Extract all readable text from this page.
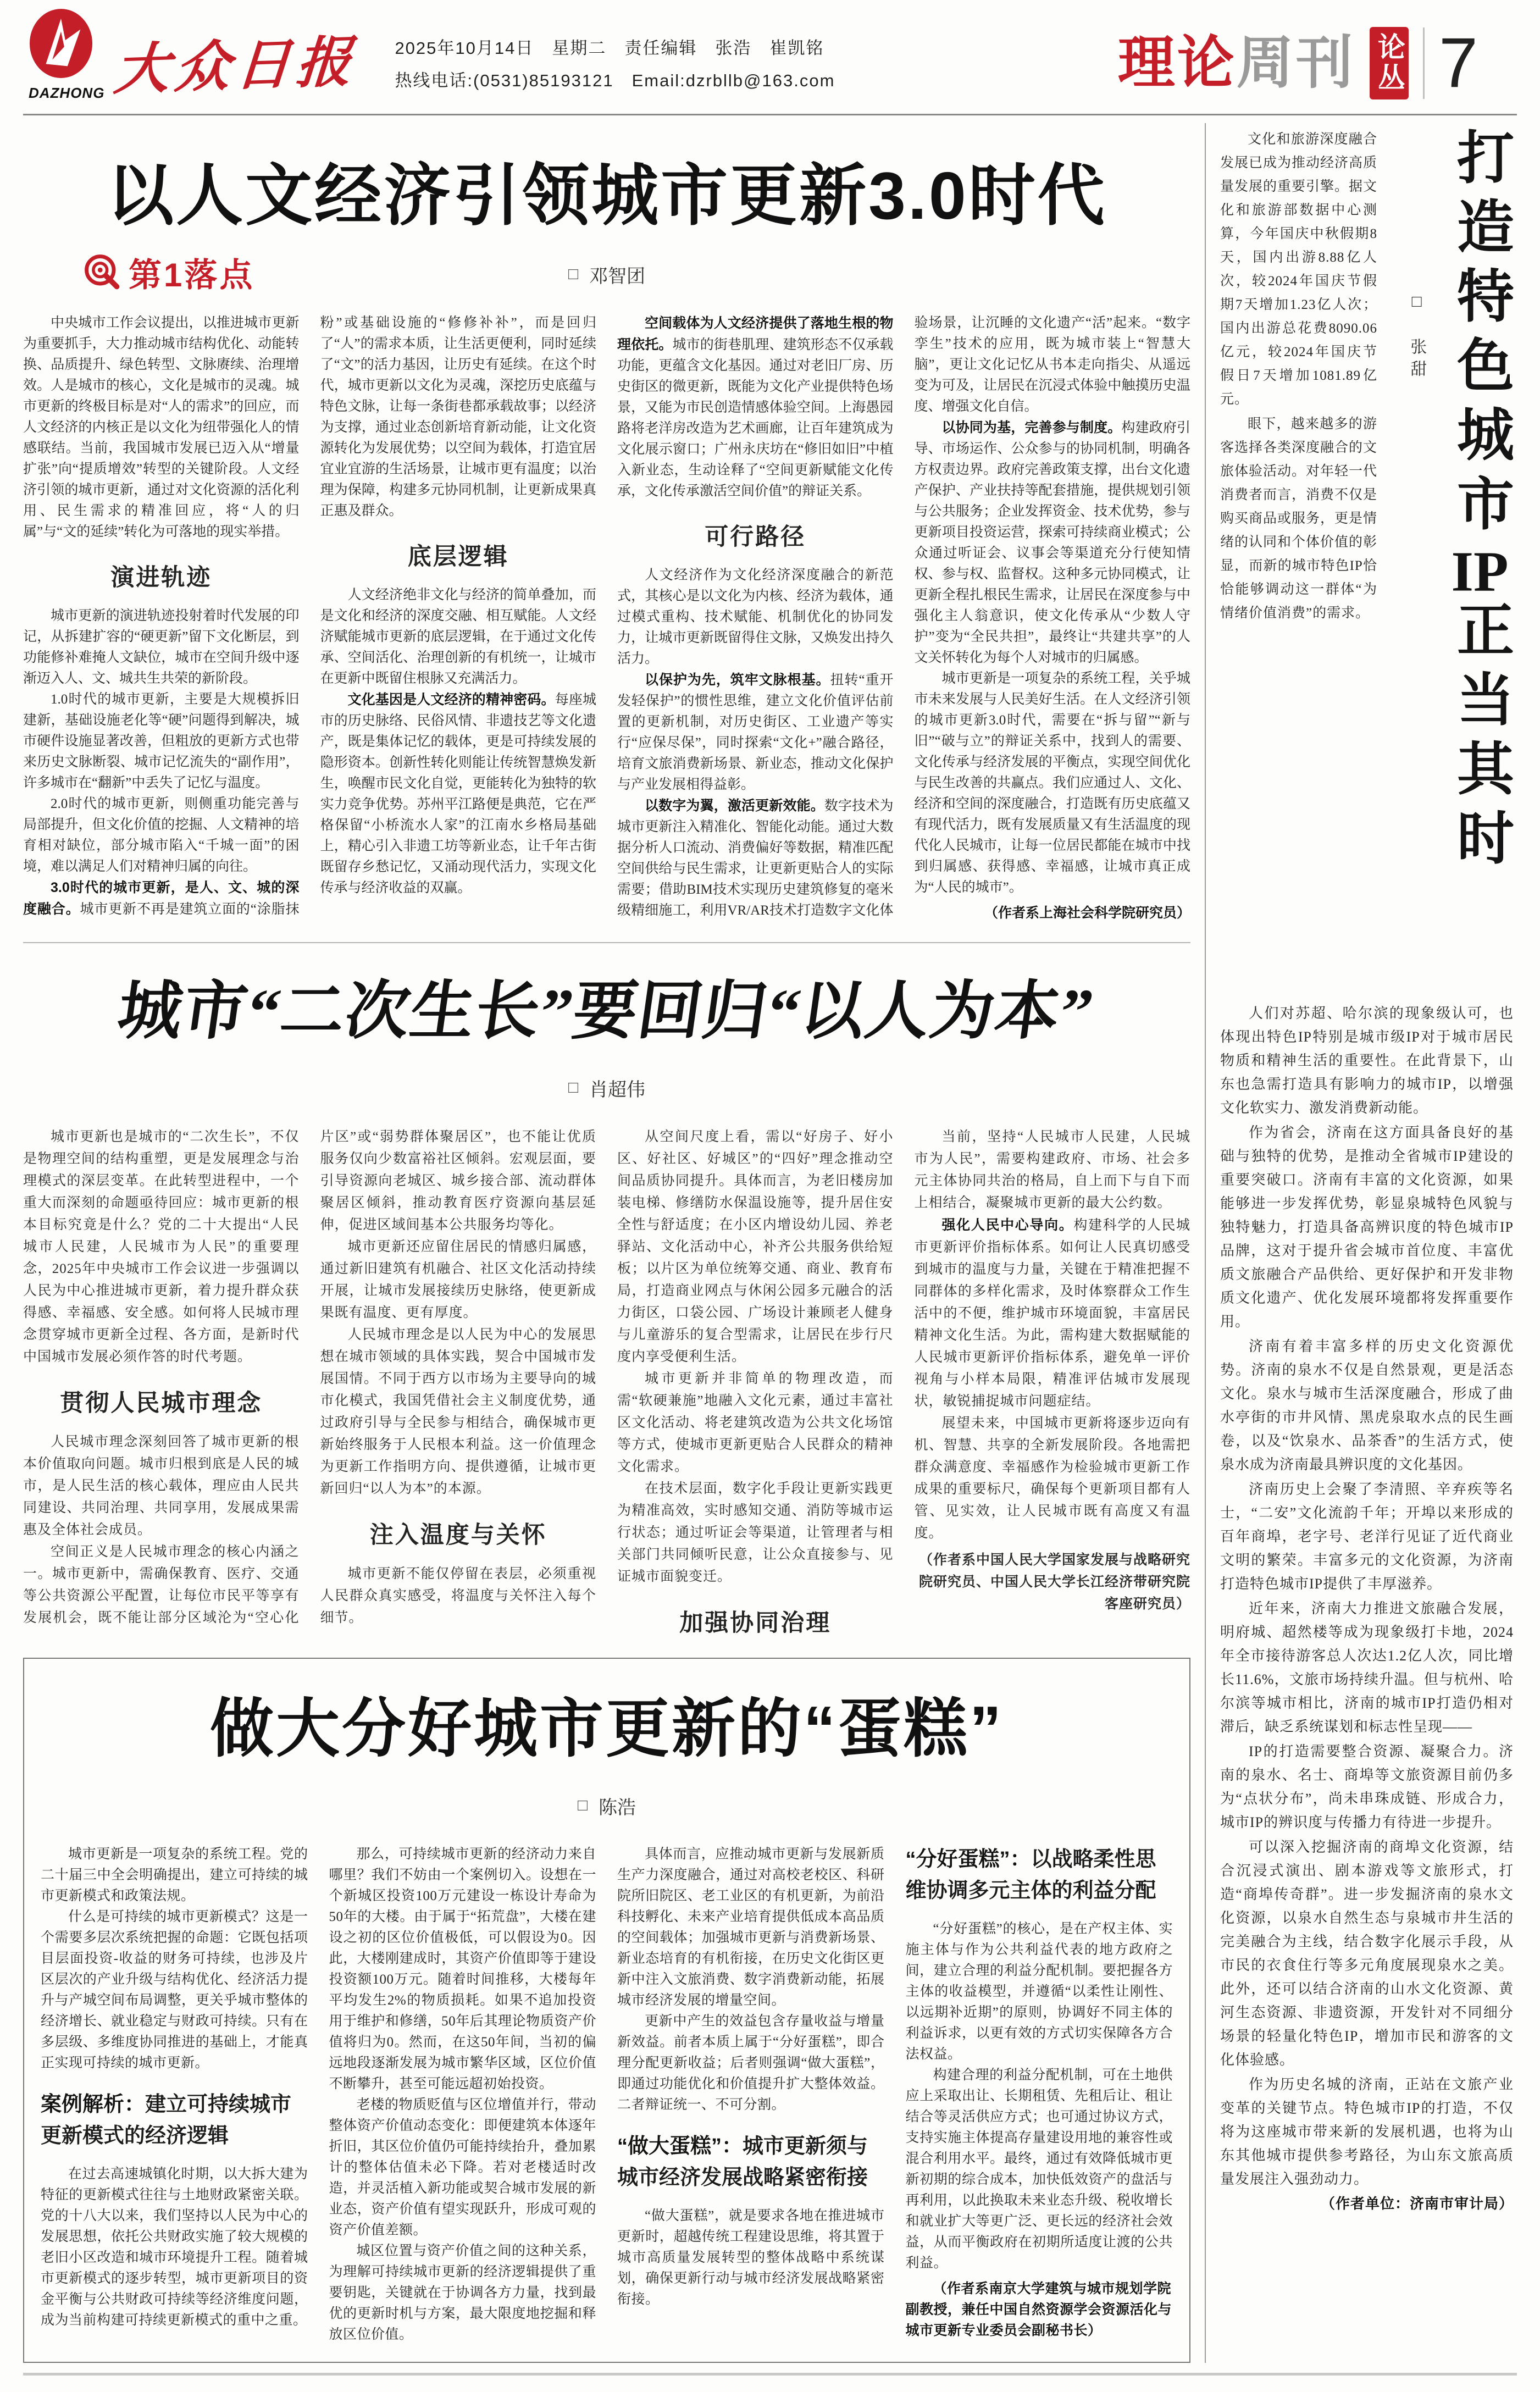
DAZHONG 大众日报 2025年10月14日　星期二　责任编辑　张浩　崔凯铭
热线电话:(0531)85193121　Email:dzrbllb@163.com	理论周刊 论丛 7
以人文经济引领城市更新3.0时代
第1落点	□ 邓智团

中央城市工作会议提出，以推进城市更新为重要抓手，大力推动城市结构优化、动能转换、品质提升、绿色转型、文脉赓续、治理增效。人是城市的核心，文化是城市的灵魂。城市更新的终极目标是对“人的需求”的回应，而人文经济的内核正是以文化为纽带强化人的情感联结。当前，我国城市发展已迈入从“增量扩张”向“提质增效”转型的关键阶段。人文经济引领的城市更新，通过对文化资源的活化利用、民生需求的精准回应，将“人的归属”与“文的延续”转化为可落地的现实举措。

演进轨迹

城市更新的演进轨迹投射着时代发展的印记，从拆建扩容的“硬更新”留下文化断层，到功能修补难掩人文缺位，城市在空间升级中逐渐迈入人、文、城共生共荣的新阶段。

1.0时代的城市更新，主要是大规模拆旧建新，基础设施老化等“硬”问题得到解决，城市硬件设施显著改善，但粗放的更新方式也带来历史文脉断裂、城市记忆流失的“副作用”，许多城市在“翻新”中丢失了记忆与温度。

2.0时代的城市更新，则侧重功能完善与局部提升，但文化价值的挖掘、人文精神的培育相对缺位，部分城市陷入“千城一面”的困境，难以满足人们对精神归属的向往。

3.0时代的城市更新，是人、文、城的深度融合。城市更新不再是建筑立面的“涂脂抹粉”或基础设施的“修修补补”，而是回归了“人”的需求本质，让生活更便利，同时延续了“文”的活力基因，让历史有延续。在这个时代，城市更新以文化为灵魂，深挖历史底蕴与特色文脉，让每一条街巷都承载故事；以经济为支撑，通过业态创新培育新动能，让文化资源转化为发展优势；以空间为载体，打造宜居宜业宜游的生活场景，让城市更有温度；以治理为保障，构建多元协同机制，让更新成果真正惠及群众。

底层逻辑

人文经济绝非文化与经济的简单叠加，而是文化和经济的深度交融、相互赋能。人文经济赋能城市更新的底层逻辑，在于通过文化传承、空间活化、治理创新的有机统一，让城市在更新中既留住根脉又充满活力。

文化基因是人文经济的精神密码。每座城市的历史脉络、民俗风情、非遗技艺等文化遗产，既是集体记忆的载体，更是可持续发展的隐形资本。创新性转化则能让传统智慧焕发新生，唤醒市民文化自觉，更能转化为独特的软实力竞争优势。苏州平江路便是典范，它在严格保留“小桥流水人家”的江南水乡格局基础上，精心引入非遗工坊等新业态，让千年古街既留存乡愁记忆，又涌动现代活力，实现文化传承与经济收益的双赢。

空间载体为人文经济提供了落地生根的物理依托。城市的街巷肌理、建筑形态不仅承载功能，更蕴含文化基因。通过对老旧厂房、历史街区的微更新，既能为文化产业提供特色场景，又能为市民创造情感体验空间。上海愚园路将老洋房改造为艺术画廊，让百年建筑成为文化展示窗口；广州永庆坊在“修旧如旧”中植入新业态，生动诠释了“空间更新赋能文化传承，文化传承激活空间价值”的辩证关系。

可行路径

人文经济作为文化经济深度融合的新范式，其核心是以文化为内核、经济为载体，通过模式重构、技术赋能、机制优化的协同发力，让城市更新既留得住文脉，又焕发出持久活力。

以保护为先，筑牢文脉根基。扭转“重开发轻保护”的惯性思维，建立文化价值评估前置的更新机制，对历史街区、工业遗产等实行“应保尽保”，同时探索“文化+”融合路径，培育文旅消费新场景、新业态，推动文化保护与产业发展相得益彰。

以数字为翼，激活更新效能。数字技术为城市更新注入精准化、智能化动能。通过大数据分析人口流动、消费偏好等数据，精准匹配空间供给与民生需求，让更新更贴合人的实际需要；借助BIM技术实现历史建筑修复的毫米级精细施工，利用VR/AR技术打造数字文化体验场景，让沉睡的文化遗产“活”起来。“数字孪生”技术的应用，既为城市装上“智慧大脑”，更让文化记忆从书本走向指尖、从遥远变为可及，让居民在沉浸式体验中触摸历史温度、增强文化自信。

以协同为基，完善参与制度。构建政府引导、市场运作、公众参与的协同机制，明确各方权责边界。政府完善政策支撑，出台文化遗产保护、产业扶持等配套措施，提供规划引领与公共服务；企业发挥资金、技术优势，参与更新项目投资运营，探索可持续商业模式；公众通过听证会、议事会等渠道充分行使知情权、参与权、监督权。这种多元协同模式，让更新全程扎根民生需求，让居民在深度参与中强化主人翁意识，使文化传承从“少数人守护”变为“全民共担”，最终让“共建共享”的人文关怀转化为每个人对城市的归属感。

城市更新是一项复杂的系统工程，关乎城市未来发展与人民美好生活。在人文经济引领的城市更新3.0时代，需要在“拆与留”“新与旧”“破与立”的辩证关系中，找到人的需要、文化传承与经济发展的平衡点，实现空间优化与民生改善的共赢点。我们应通过人、文化、经济和空间的深度融合，打造既有历史底蕴又有现代活力，既有发展质量又有生活温度的现代化人民城市，让每一位居民都能在城市中找到归属感、获得感、幸福感，让城市真正成为“人民的城市”。

（作者系上海社会科学院研究员）

城市“二次生长”要回归“以人为本”
□ 肖超伟

城市更新也是城市的“二次生长”，不仅是物理空间的结构重塑，更是发展理念与治理模式的深层变革。在此转型进程中，一个重大而深刻的命题亟待回应：城市更新的根本目标究竟是什么？党的二十大提出“人民城市人民建，人民城市为人民”的重要理念，2025年中央城市工作会议进一步强调以人民为中心推进城市更新，着力提升群众获得感、幸福感、安全感。如何将人民城市理念贯穿城市更新全过程、各方面，是新时代中国城市发展必须作答的时代考题。

贯彻人民城市理念

人民城市理念深刻回答了城市更新的根本价值取向问题。城市归根到底是人民的城市，是人民生活的核心载体，理应由人民共同建设、共同治理、共同享用，发展成果需惠及全体社会成员。

空间正义是人民城市理念的核心内涵之一。城市更新中，需确保教育、医疗、交通等公共资源公平配置，让每位市民平等享有发展机会，既不能让部分区域沦为“空心化片区”或“弱势群体聚居区”，也不能让优质服务仅向少数富裕社区倾斜。宏观层面，要引导资源向老城区、城乡接合部、流动群体聚居区倾斜，推动教育医疗资源向基层延伸，促进区域间基本公共服务均等化。

城市更新还应留住居民的情感归属感，通过新旧建筑有机融合、社区文化活动持续开展，让城市发展接续历史脉络，使更新成果既有温度、更有厚度。

人民城市理念是以人民为中心的发展思想在城市领域的具体实践，契合中国城市发展国情。不同于西方以市场为主要导向的城市化模式，我国凭借社会主义制度优势，通过政府引导与全民参与相结合，确保城市更新始终服务于人民根本利益。这一价值理念为更新工作指明方向、提供遵循，让城市更新回归“以人为本”的本源。

注入温度与关怀

城市更新不能仅停留在表层，必须重视人民群众真实感受，将温度与关怀注入每个细节。

从空间尺度上看，需以“好房子、好小区、好社区、好城区”的“四好”理念推动空间品质协同提升。具体而言，为老旧楼房加装电梯、修缮防水保温设施等，提升居住安全性与舒适度；在小区内增设幼儿园、养老驿站、文化活动中心，补齐公共服务供给短板；以片区为单位统筹交通、商业、教育布局，打造商业网点与休闲公园多元融合的活力街区，口袋公园、广场设计兼顾老人健身与儿童游乐的复合型需求，让居民在步行尺度内享受便利生活。

城市更新并非简单的物理改造，而需“软硬兼施”地融入文化元素，通过丰富社区文化活动、将老建筑改造为公共文化场馆等方式，使城市更新更贴合人民群众的精神文化需求。

在技术层面，数字化手段让更新实践更为精准高效，实时感知交通、消防等城市运行状态；通过听证会等渠道，让管理者与相关部门共同倾听民意，让公众直接参与、见证城市面貌变迁。

加强协同治理

当前，坚持“人民城市人民建，人民城市为人民”，需要构建政府、市场、社会多元主体协同共治的格局，自上而下与自下而上相结合，凝聚城市更新的最大公约数。

强化人民中心导向。构建科学的人民城市更新评价指标体系。如何让人民真切感受到城市的温度与力量，关键在于精准把握不同群体的多样化需求，及时体察群众工作生活中的不便，维护城市环境面貌，丰富居民精神文化生活。为此，需构建大数据赋能的人民城市更新评价指标体系，避免单一评价视角与小样本局限，精准评估城市发展现状，敏锐捕捉城市问题症结。

展望未来，中国城市更新将逐步迈向有机、智慧、共享的全新发展阶段。各地需把群众满意度、幸福感作为检验城市更新工作成果的重要标尺，确保每个更新项目都有人管、见实效，让人民城市既有高度又有温度。

（作者系中国人民大学国家发展与战略研究院研究员、中国人民大学长江经济带研究院客座研究员）

做大分好城市更新的“蛋糕”
□ 陈浩

城市更新是一项复杂的系统工程。党的二十届三中全会明确提出，建立可持续的城市更新模式和政策法规。

什么是可持续的城市更新模式？这是一个需要多层次系统把握的命题：它既包括项目层面投资-收益的财务可持续，也涉及片区层次的产业升级与结构优化、经济活力提升与产城空间布局调整，更关乎城市整体的经济增长、就业稳定与财政可持续。只有在多层级、多维度协同推进的基础上，才能真正实现可持续的城市更新。

案例解析：建立可持续城市更新模式的经济逻辑

在过去高速城镇化时期，以大拆大建为特征的更新模式往往与土地财政紧密关联。党的十八大以来，我们坚持以人民为中心的发展思想，依托公共财政实施了较大规模的老旧小区改造和城市环境提升工程。随着城市更新模式的逐步转型，城市更新项目的资金平衡与公共财政可持续等经济维度问题，成为当前构建可持续更新模式的重中之重。

那么，可持续城市更新的经济动力来自哪里？我们不妨由一个案例切入。设想在一个新城区投资100万元建设一栋设计寿命为50年的大楼。由于属于“拓荒盘”，大楼在建设之初的区位价值极低，可以假设为0。因此，大楼刚建成时，其资产价值即等于建设投资额100万元。随着时间推移，大楼每年平均发生2%的物质损耗。如果不追加投资用于维护和修缮，50年后其理论物质资产价值将归为0。然而，在这50年间，当初的偏远地段逐渐发展为城市繁华区域，区位价值不断攀升，甚至可能远超初始投资。

老楼的物质贬值与区位增值并行，带动整体资产价值动态变化：即便建筑本体逐年折旧，其区位价值仍可能持续抬升，叠加累计的整体估值未必下降。若对老楼适时改造，并灵活植入新功能或契合城市发展的新业态，资产价值有望实现跃升，形成可观的资产价值差额。

城区位置与资产价值之间的这种关系，为理解可持续城市更新的经济逻辑提供了重要钥匙，关键就在于协调各方力量，找到最优的更新时机与方案，最大限度地挖掘和释放区位价值。

具体而言，应推动城市更新与发展新质生产力深度融合，通过对高校老校区、科研院所旧院区、老工业区的有机更新，为前沿科技孵化、未来产业培育提供低成本高品质的空间载体；加强城市更新与消费新场景、新业态培育的有机衔接，在历史文化街区更新中注入文旅消费、数字消费新动能，拓展城市经济发展的增量空间。

更新中产生的效益包含存量收益与增量新效益。前者本质上属于“分好蛋糕”，即合理分配更新收益；后者则强调“做大蛋糕”，即通过功能优化和价值提升扩大整体效益。二者辩证统一、不可分割。

“做大蛋糕”：城市更新须与城市经济发展战略紧密衔接

“做大蛋糕”，就是要求各地在推进城市更新时，超越传统工程建设思维，将其置于城市高质量发展转型的整体战略中系统谋划，确保更新行动与城市经济发展战略紧密衔接。

“分好蛋糕”：以战略柔性思维协调多元主体的利益分配

“分好蛋糕”的核心，是在产权主体、实施主体与作为公共利益代表的地方政府之间，建立合理的利益分配机制。要把握各方主体的收益模型，并遵循“以柔性让刚性、以远期补近期”的原则，协调好不同主体的利益诉求，以更有效的方式切实保障各方合法权益。

构建合理的利益分配机制，可在土地供应上采取出让、长期租赁、先租后让、租让结合等灵活供应方式；也可通过协议方式，支持实施主体提高存量建设用地的兼容性或混合利用水平。最终，通过有效降低城市更新初期的综合成本，加快低效资产的盘活与再利用，以此换取未来业态升级、税收增长和就业扩大等更广泛、更长远的经济社会效益，从而平衡政府在初期所适度让渡的公共利益。

（作者系南京大学建筑与城市规划学院副教授，兼任中国自然资源学会资源活化与城市更新专业委员会副秘书长）

文化和旅游深度融合发展已成为推动经济高质量发展的重要引擎。据文化和旅游部数据中心测算，今年国庆中秋假期8天，国内出游8.88亿人次，较2024年国庆节假期7天增加1.23亿人次；国内出游总花费8090.06亿元，较2024年国庆节假日7天增加1081.89亿元。

眼下，越来越多的游客选择各类深度融合的文旅体验活动。对年轻一代消费者而言，消费不仅是购买商品或服务，更是情绪的认同和个体价值的彰显，而新的城市特色IP恰恰能够调动这一群体“为情绪价值消费”的需求。

□　张甜 打造特色城市IP正当其时

人们对苏超、哈尔滨的现象级认可，也体现出特色IP特别是城市级IP对于城市居民物质和精神生活的重要性。在此背景下，山东也急需打造具有影响力的城市IP，以增强文化软实力、激发消费新动能。

作为省会，济南在这方面具备良好的基础与独特的优势，是推动全省城市IP建设的重要突破口。济南有丰富的文化资源，如果能够进一步发挥优势，彰显泉城特色风貌与独特魅力，打造具备高辨识度的特色城市IP品牌，这对于提升省会城市首位度、丰富优质文旅融合产品供给、更好保护和开发非物质文化遗产、优化发展环境都将发挥重要作用。

济南有着丰富多样的历史文化资源优势。济南的泉水不仅是自然景观，更是活态文化。泉水与城市生活深度融合，形成了曲水亭街的市井风情、黑虎泉取水点的民生画卷，以及“饮泉水、品茶香”的生活方式，使泉水成为济南最具辨识度的文化基因。

济南历史上会聚了李清照、辛弃疾等名士，“二安”文化流韵千年；开埠以来形成的百年商埠，老字号、老洋行见证了近代商业文明的繁荣。丰富多元的文化资源，为济南打造特色城市IP提供了丰厚滋养。

近年来，济南大力推进文旅融合发展，明府城、超然楼等成为现象级打卡地，2024年全市接待游客总人次达1.2亿人次，同比增长11.6%，文旅市场持续升温。但与杭州、哈尔滨等城市相比，济南的城市IP打造仍相对滞后，缺乏系统谋划和标志性呈现——

IP的打造需要整合资源、凝聚合力。济南的泉水、名士、商埠等文旅资源目前仍多为“点状分布”，尚未串珠成链、形成合力，城市IP的辨识度与传播力有待进一步提升。

可以深入挖掘济南的商埠文化资源，结合沉浸式演出、剧本游戏等文旅形式，打造“商埠传奇群”。进一步发掘济南的泉水文化资源，以泉水自然生态与泉城市井生活的完美融合为主线，结合数字化展示手段，从市民的衣食住行等多元角度展现泉水之美。此外，还可以结合济南的山水文化资源、黄河生态资源、非遗资源，开发针对不同细分场景的轻量化特色IP，增加市民和游客的文化体验感。

作为历史名城的济南，正站在文旅产业变革的关键节点。特色城市IP的打造，不仅将为这座城市带来新的发展机遇，也将为山东其他城市提供参考路径，为山东文旅高质量发展注入强劲动力。

（作者单位：济南市审计局）
